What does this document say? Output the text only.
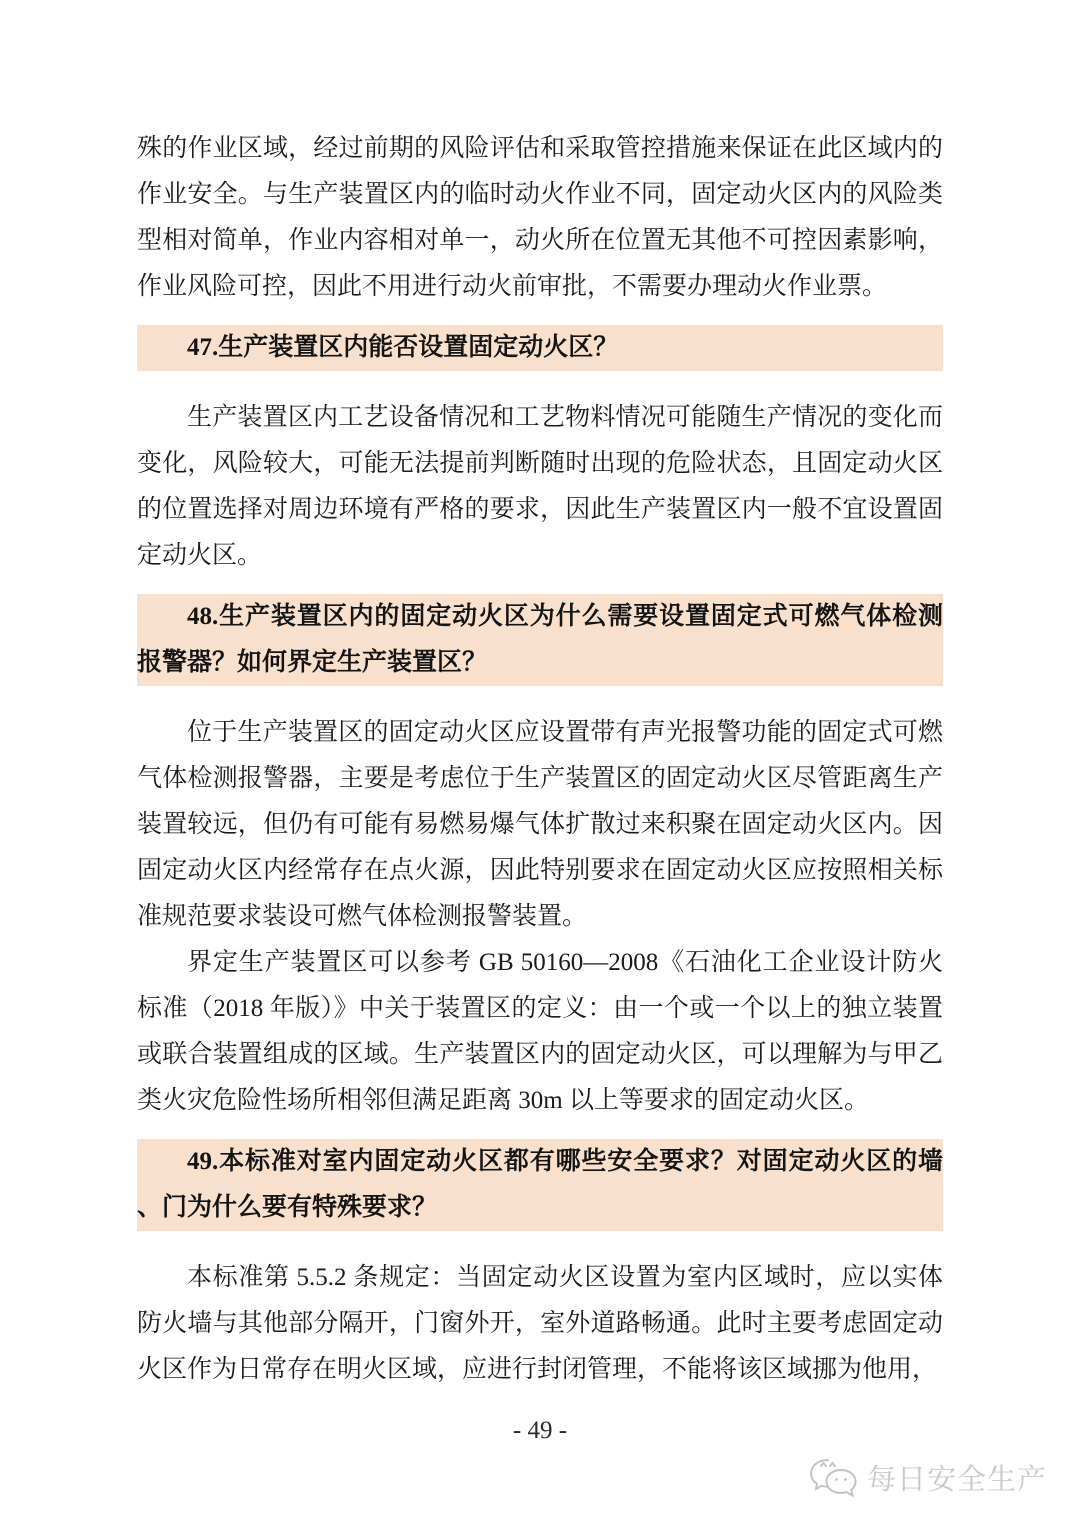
殊的作业区域，经过前期的风险评估和采取管控措施来保证在此区域内的作业安全。与生产装置区内的临时动火作业不同，固定动火区内的风险类型相对简单，作业内容相对单一，动火所在位置无其他不可控因素影响，作业风险可控，因此不用进行动火前审批，不需要办理动火作业票。

47.生产装置区内能否设置固定动火区？

生产装置区内工艺设备情况和工艺物料情况可能随生产情况的变化而变化，风险较大，可能无法提前判断随时出现的危险状态，且固定动火区的位置选择对周边环境有严格的要求，因此生产装置区内一般不宜设置固定动火区。

48.生产装置区内的固定动火区为什么需要设置固定式可燃气体检测报警器？如何界定生产装置区？

位于生产装置区的固定动火区应设置带有声光报警功能的固定式可燃气体检测报警器，主要是考虑位于生产装置区的固定动火区尽管距离生产装置较远，但仍有可能有易燃易爆气体扩散过来积聚在固定动火区内。因固定动火区内经常存在点火源，因此特别要求在固定动火区应按照相关标准规范要求装设可燃气体检测报警装置。

界定生产装置区可以参考 GB 50160—2008《石油化工企业设计防火标准（2018 年版）》中关于装置区的定义：由一个或一个以上的独立装置或联合装置组成的区域。生产装置区内的固定动火区，可以理解为与甲乙类火灾危险性场所相邻但满足距离 30m 以上等要求的固定动火区。

49.本标准对室内固定动火区都有哪些安全要求？对固定动火区的墙、门为什么要有特殊要求？

本标准第 5.5.2 条规定：当固定动火区设置为室内区域时，应以实体防火墙与其他部分隔开，门窗外开，室外道路畅通。此时主要考虑固定动火区作为日常存在明火区域，应进行封闭管理，不能将该区域挪为他用，

- 49 -
每日安全生产
